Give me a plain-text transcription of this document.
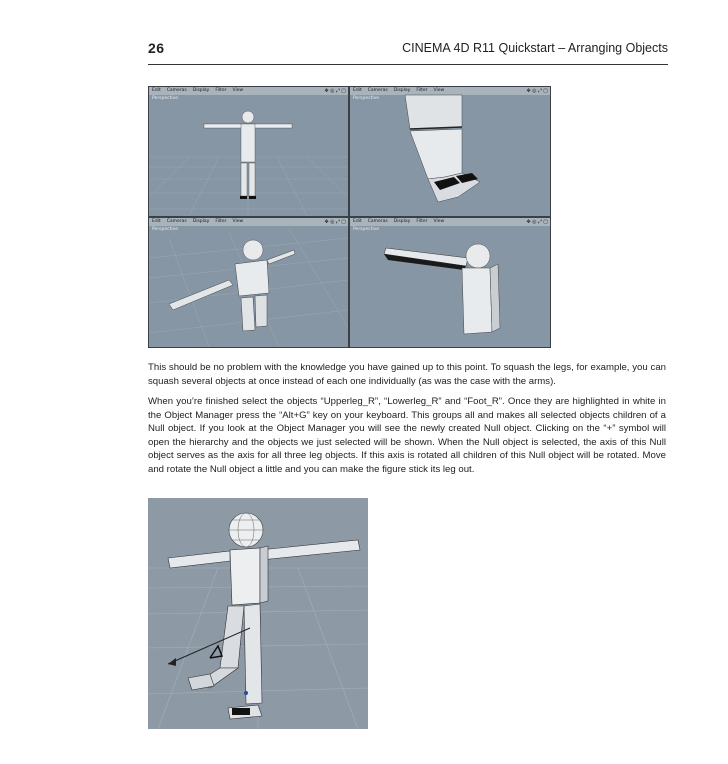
26	CINEMA 4D R11 Quickstart – Arranging Objects
Edit Cameras Display Filter View	✥ ◎ ⤢ ▢
Perspective
Edit Cameras Display Filter View	✥ ◎ ⤢ ▢
Perspective
Edit Cameras Display Filter View	✥ ◎ ⤢ ▢
Perspective
Edit Cameras Display Filter View	✥ ◎ ⤢ ▢
Perspective

This should be no problem with the knowledge you have gained up to this point. To squash the legs, for example, you can squash several objects at once instead of each one individually (as was the case with the arms).

When you’re finished select the objects “Upperleg_R”, “Lowerleg_R” and “Foot_R”. Once they are highlighted in white in the Object Manager press the “Alt+G” key on your keyboard. This groups all and makes all selected objects children of a Null object. If you look at the Object Manager you will see the newly created Null object. Clicking on the “+” symbol will open the hierarchy and the objects we just selected will be shown. When the Null object is selected, the axis of this Null object serves as the axis for all three leg objects. If this axis is rotated all children of this Null object will be rotated. Move and rotate the Null object a little and you can make the figure stick its leg out.
